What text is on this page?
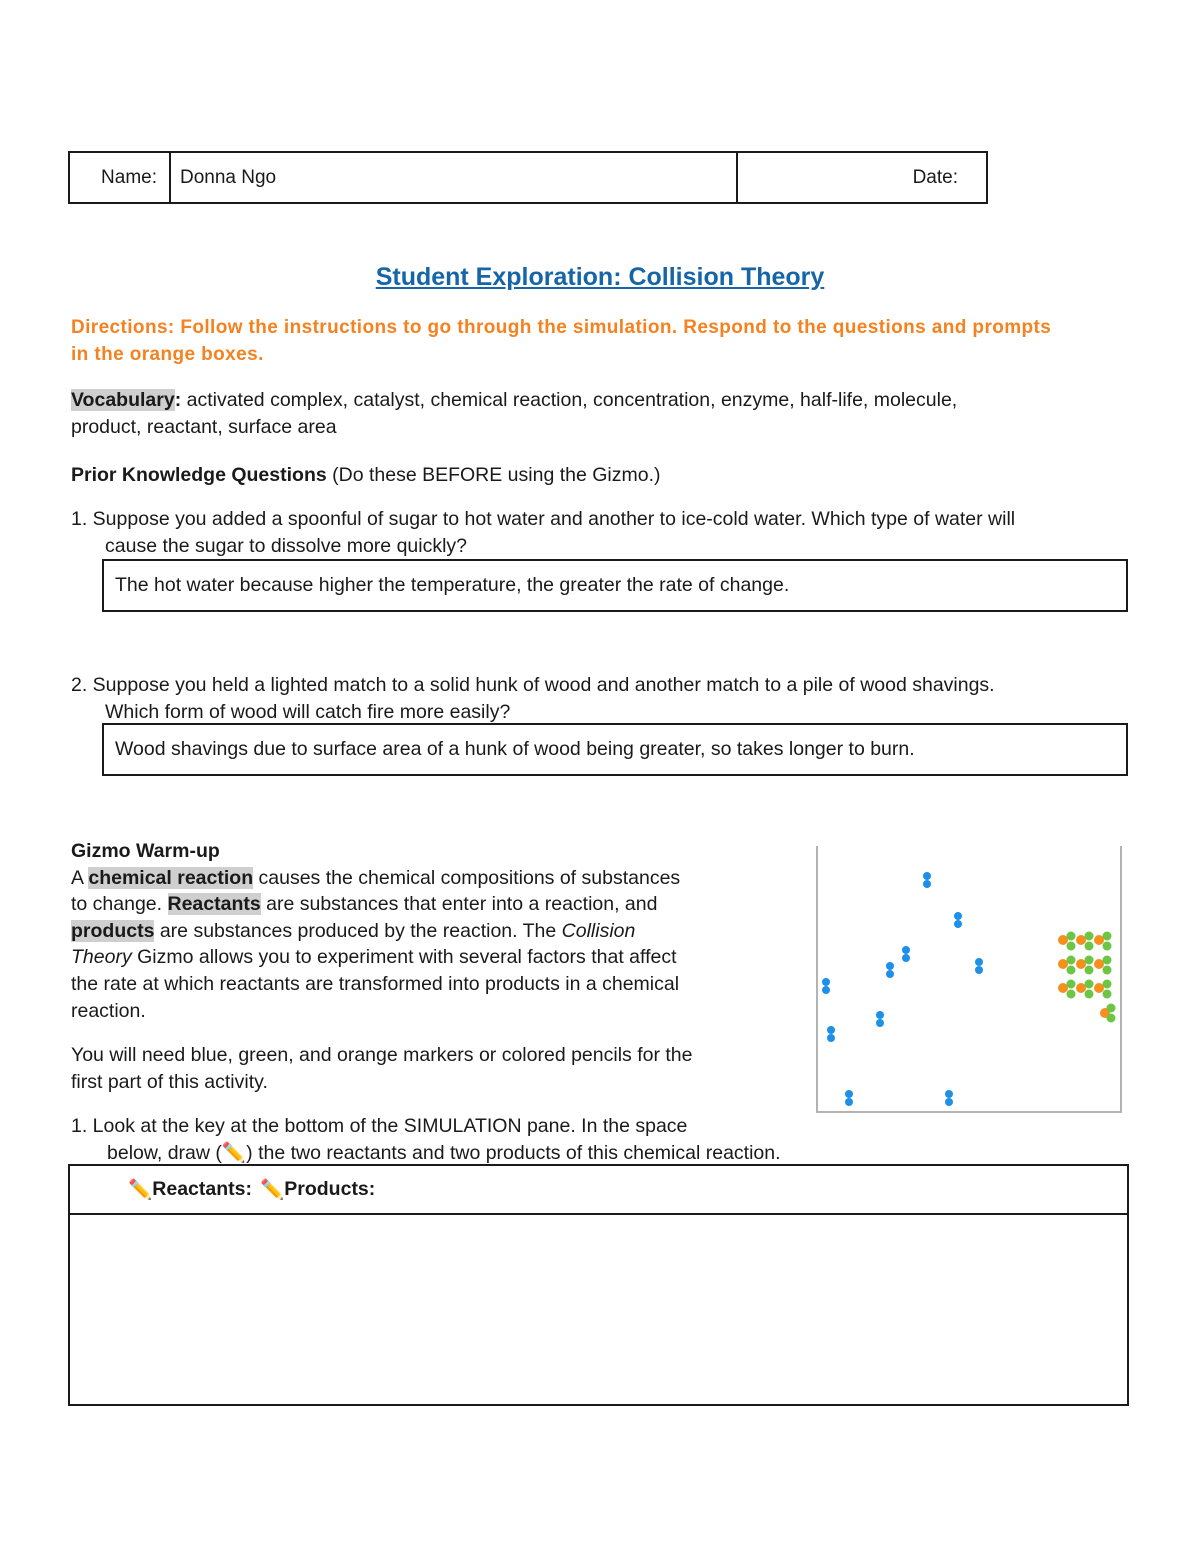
Name:	Donna Ngo	Date:
Student Exploration: Collision Theory
Directions: Follow the instructions to go through the simulation. Respond to the questions and prompts in the orange boxes.
Vocabulary: activated complex, catalyst, chemical reaction, concentration, enzyme, half-life, molecule,
product, reactant, surface area
Prior Knowledge Questions (Do these BEFORE using the Gizmo.)
1. Suppose you added a spoonful of sugar to hot water and another to ice-cold water. Which type of water will
cause the sugar to dissolve more quickly?
The hot water because higher the temperature, the greater the rate of change.
2. Suppose you held a lighted match to a solid hunk of wood and another match to a pile of wood shavings.
Which form of wood will catch fire more easily?
Wood shavings due to surface area of a hunk of wood being greater, so takes longer to burn.
Gizmo Warm-up
A chemical reaction causes the chemical compositions of substances
to change. Reactants are substances that enter into a reaction, and
products are substances produced by the reaction. The Collision
Theory Gizmo allows you to experiment with several factors that affect
the rate at which reactants are transformed into products in a chemical
reaction.
You will need blue, green, and orange markers or colored pencils for the
first part of this activity.
1. Look at the key at the bottom of the SIMULATION pane. In the space
below, draw (✏️) the two reactants and two products of this chemical reaction.
✏️ Reactants: ✏️ Products:
